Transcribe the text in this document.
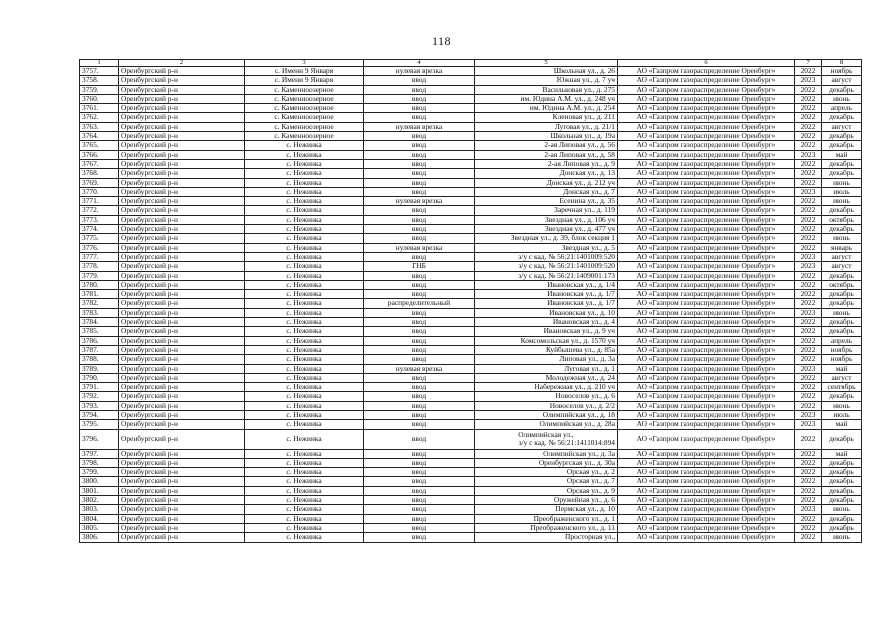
118
1	2	3	4	5	6	7	8
3757.	Оренбургский р-н	с. Имени 9 Января	нулевая врезка	Школьная ул., д. 26	АО «Газпром газораспределение Оренбург»	2022	ноябрь
3758.	Оренбургский р-н	с. Имени 9 Января	ввод	Южная ул., д. 7 уч	АО «Газпром газораспределение Оренбург»	2023	август
3759.	Оренбургский р-н	с. Каменноозерное	ввод	Васильковая ул., д. 275	АО «Газпром газораспределение Оренбург»	2022	декабрь
3760.	Оренбургский р-н	с. Каменноозерное	ввод	им. Юдина А.М. ул., д. 248 уч	АО «Газпром газораспределение Оренбург»	2022	июнь
3761.	Оренбургский р-н	с. Каменноозерное	ввод	им. Юдина А.М. ул., д. 254	АО «Газпром газораспределение Оренбург»	2022	апрель
3762.	Оренбургский р-н	с. Каменноозерное	ввод	Кленовая ул., д. 211	АО «Газпром газораспределение Оренбург»	2022	декабрь
3763.	Оренбургский р-н	с. Каменноозерное	нулевая врезка	Луговая ул., д. 21/1	АО «Газпром газораспределение Оренбург»	2022	август
3764.	Оренбургский р-н	с. Каменноозерное	ввод	Школьная ул., д. 19а	АО «Газпром газораспределение Оренбург»	2022	декабрь
3765.	Оренбургский р-н	с. Нежинка	ввод	2-ая Липовая ул., д. 56	АО «Газпром газораспределение Оренбург»	2022	декабрь
3766.	Оренбургский р-н	с. Нежинка	ввод	2-ая Липовая ул., д. 58	АО «Газпром газораспределение Оренбург»	2023	май
3767.	Оренбургский р-н	с. Нежинка	ввод	2-ая Липовая ул., д. 9	АО «Газпром газораспределение Оренбург»	2022	декабрь
3768.	Оренбургский р-н	с. Нежинка	ввод	Донская ул., д. 13	АО «Газпром газораспределение Оренбург»	2022	декабрь
3769.	Оренбургский р-н	с. Нежинка	ввод	Донская ул., д. 212 уч	АО «Газпром газораспределение Оренбург»	2022	июнь
3770.	Оренбургский р-н	с. Нежинка	ввод	Донская ул., д. 7	АО «Газпром газораспределение Оренбург»	2023	июль
3771.	Оренбургский р-н	с. Нежинка	нулевая врезка	Есенина ул., д. 35	АО «Газпром газораспределение Оренбург»	2022	июнь
3772.	Оренбургский р-н	с. Нежинка	ввод	Заречная ул., д. 119	АО «Газпром газораспределение Оренбург»	2022	декабрь
3773.	Оренбургский р-н	с. Нежинка	ввод	Звездная ул., д. 106 уч	АО «Газпром газораспределение Оренбург»	2022	октябрь
3774.	Оренбургский р-н	с. Нежинка	ввод	Звездная ул., д. 477 уч	АО «Газпром газораспределение Оренбург»	2022	декабрь
3775.	Оренбургский р-н	с. Нежинка	ввод	Звездная ул., д. 39, блок секция 1	АО «Газпром газораспределение Оренбург»	2022	июнь
3776.	Оренбургский р-н	с. Нежинка	нулевая врезка	Звездная ул., д. 5	АО «Газпром газораспределение Оренбург»	2022	январь
3777.	Оренбургский р-н	с. Нежинка	ввод	з/у с кад. № 56:21:1401009:520	АО «Газпром газораспределение Оренбург»	2023	август
3778.	Оренбургский р-н	с. Нежинка	ГНБ	з/у с кад. № 56:21:1401009:520	АО «Газпром газораспределение Оренбург»	2023	август
3779.	Оренбургский р-н	с. Нежинка	ввод	з/у с кад. № 56:21:1409001:173	АО «Газпром газораспределение Оренбург»	2022	декабрь
3780.	Оренбургский р-н	с. Нежинка	ввод	Ивановская ул., д. 1/4	АО «Газпром газораспределение Оренбург»	2022	октябрь
3781.	Оренбургский р-н	с. Нежинка	ввод	Ивановская ул., д. 1/7	АО «Газпром газораспределение Оренбург»	2022	декабрь
3782.	Оренбургский р-н	с. Нежинка	распределительный	Ивановская ул., д. 1/7	АО «Газпром газораспределение Оренбург»	2022	декабрь
3783.	Оренбургский р-н	с. Нежинка	ввод	Ивановская ул., д. 10	АО «Газпром газораспределение Оренбург»	2023	июнь
3784.	Оренбургский р-н	с. Нежинка	ввод	Ивановская ул., д. 4	АО «Газпром газораспределение Оренбург»	2022	декабрь
3785.	Оренбургский р-н	с. Нежинка	ввод	Ивановская ул., д. 9 уч	АО «Газпром газораспределение Оренбург»	2022	декабрь
3786.	Оренбургский р-н	с. Нежинка	ввод	Комсомольская ул., д. 1570 уч	АО «Газпром газораспределение Оренбург»	2022	апрель
3787.	Оренбургский р-н	с. Нежинка	ввод	Куйбышева ул., д. 85а	АО «Газпром газораспределение Оренбург»	2022	ноябрь
3788.	Оренбургский р-н	с. Нежинка	ввод	Липовая ул., д. 3а	АО «Газпром газораспределение Оренбург»	2022	ноябрь
3789.	Оренбургский р-н	с. Нежинка	нулевая врезка	Луговая ул., д. 1	АО «Газпром газораспределение Оренбург»	2023	май
3790.	Оренбургский р-н	с. Нежинка	ввод	Молодежная ул., д. 24	АО «Газпром газораспределение Оренбург»	2022	август
3791.	Оренбургский р-н	с. Нежинка	ввод	Набережная ул., д. 210 уч	АО «Газпром газораспределение Оренбург»	2022	сентябрь
3792.	Оренбургский р-н	с. Нежинка	ввод	Новоселов ул., д. 6	АО «Газпром газораспределение Оренбург»	2022	декабрь
3793.	Оренбургский р-н	с. Нежинка	ввод	Новоселов ул., д. 2/2	АО «Газпром газораспределение Оренбург»	2022	июнь
3794.	Оренбургский р-н	с. Нежинка	ввод	Олимпийская ул., д. 18	АО «Газпром газораспределение Оренбург»	2023	июль
3795.	Оренбургский р-н	с. Нежинка	ввод	Олимпийская ул., д. 28а	АО «Газпром газораспределение Оренбург»	2023	май
3796.	Оренбургский р-н	с. Нежинка	ввод	Олимпийская ул.,
з/у с кад. № 56:21:1411014:894	АО «Газпром газораспределение Оренбург»	2022	декабрь
3797.	Оренбургский р-н	с. Нежинка	ввод	Олимпийская ул., д. 3а	АО «Газпром газораспределение Оренбург»	2022	май
3798.	Оренбургский р-н	с. Нежинка	ввод	Оренбургская ул., д. 30а	АО «Газпром газораспределение Оренбург»	2022	декабрь
3799.	Оренбургский р-н	с. Нежинка	ввод	Орская ул., д. 2	АО «Газпром газораспределение Оренбург»	2022	декабрь
3800.	Оренбургский р-н	с. Нежинка	ввод	Орская ул., д. 7	АО «Газпром газораспределение Оренбург»	2022	декабрь
3801.	Оренбургский р-н	с. Нежинка	ввод	Орская ул., д. 9	АО «Газпром газораспределение Оренбург»	2022	декабрь
3802.	Оренбургский р-н	с. Нежинка	ввод	Оружейная ул., д. 6	АО «Газпром газораспределение Оренбург»	2022	декабрь
3803.	Оренбургский р-н	с. Нежинка	ввод	Пермская ул., д. 10	АО «Газпром газораспределение Оренбург»	2023	июнь
3804.	Оренбургский р-н	с. Нежинка	ввод	Преображенского ул., д. 1	АО «Газпром газораспределение Оренбург»	2022	декабрь
3805.	Оренбургский р-н	с. Нежинка	ввод	Преображенского ул., д. 11	АО «Газпром газораспределение Оренбург»	2022	декабрь
3806.	Оренбургский р-н	с. Нежинка	ввод	Просторная ул.,	АО «Газпром газораспределение Оренбург»	2022	июнь
